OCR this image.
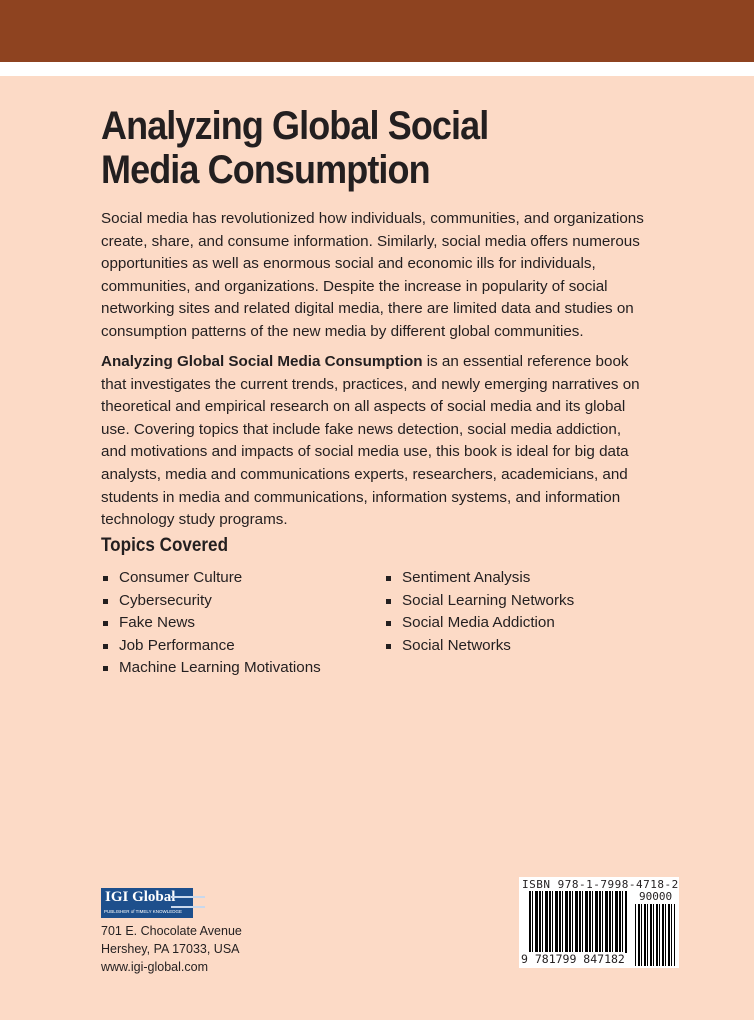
Analyzing Global Social
Media Consumption
Social media has revolutionized how individuals, communities, and organizations
create, share, and consume information. Similarly, social media offers numerous
opportunities as well as enormous social and economic ills for individuals,
communities, and organizations. Despite the increase in popularity of social
networking sites and related digital media, there are limited data and studies on
consumption patterns of the new media by different global communities.
Analyzing Global Social Media Consumption is an essential reference book
that investigates the current trends, practices, and newly emerging narratives on
theoretical and empirical research on all aspects of social media and its global
use. Covering topics that include fake news detection, social media addiction,
and motivations and impacts of social media use, this book is ideal for big data
analysts, media and communications experts, researchers, academicians, and
students in media and communications, information systems, and information
technology study programs.
Topics Covered
Consumer Culture
Cybersecurity
Fake News
Job Performance
Machine Learning Motivations
Sentiment Analysis
Social Learning Networks
Social Media Addiction
Social Networks
IGI Global
PUBLISHER of TIMELY KNOWLEDGE
701 E. Chocolate Avenue
Hershey, PA 17033, USA
www.igi-global.com
ISBN 978-1-7998-4718-2
90000
9 781799 847182
